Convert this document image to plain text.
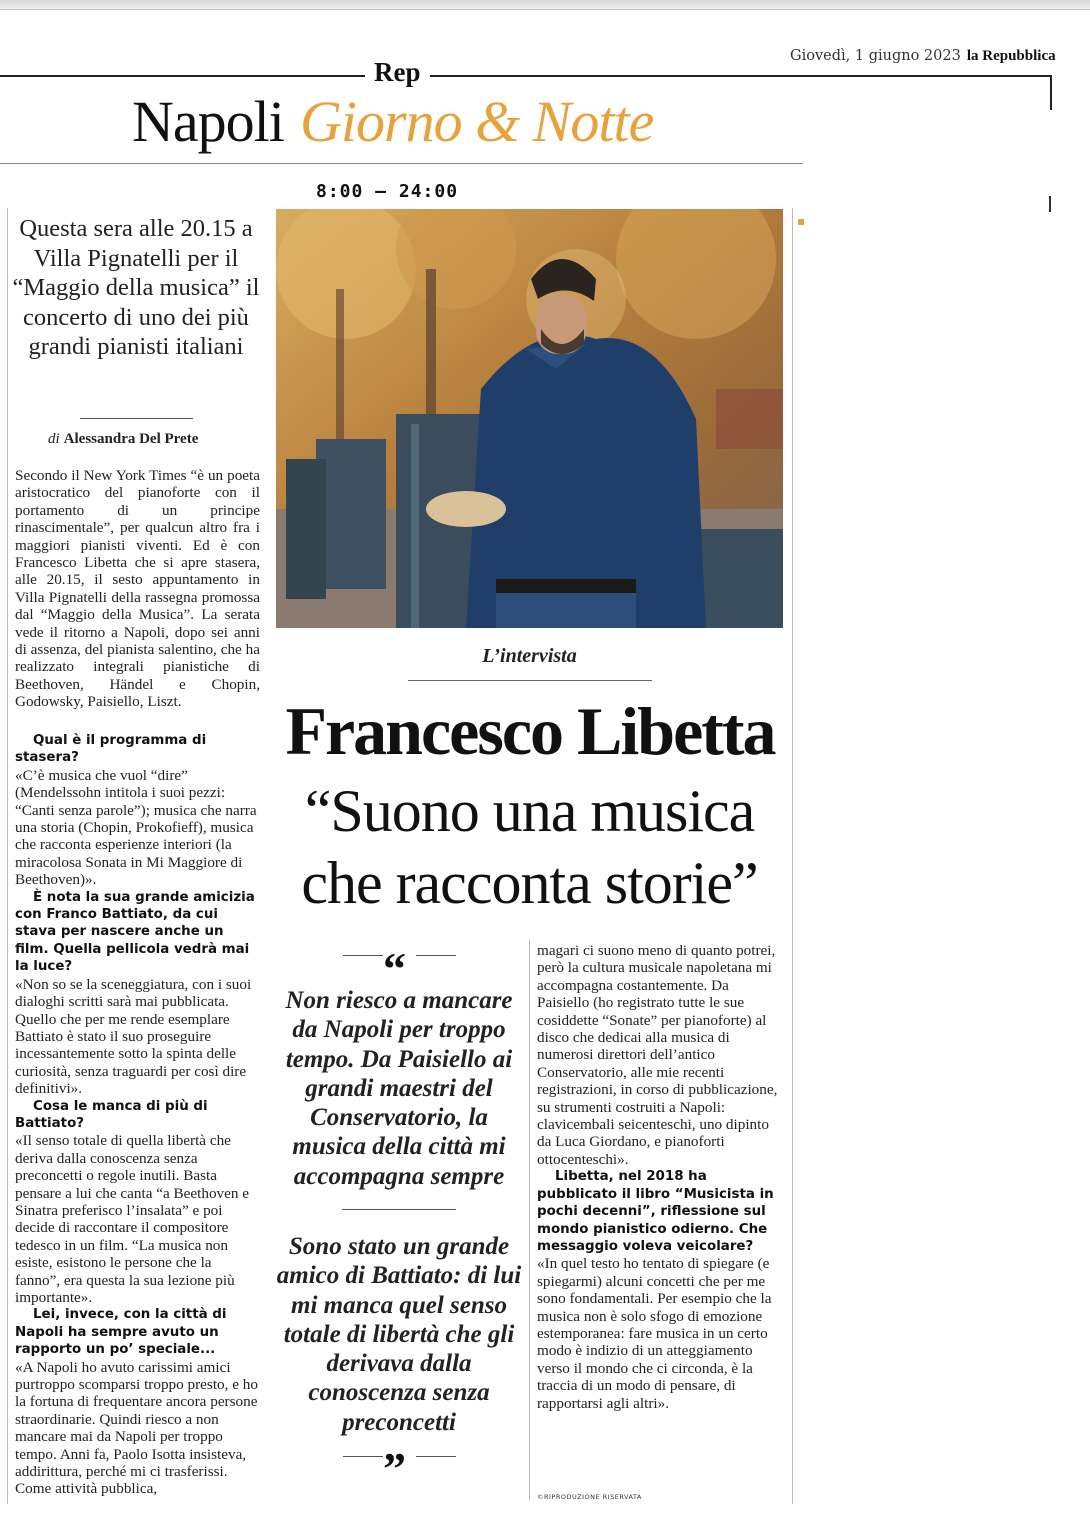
Giovedì, 1 giugno 2023 la Repubblica
Rep
Napoli Giorno & Notte
8:00 – 24:00
Questa sera alle 20.15 a Villa Pignatelli per il “Maggio della musica” il concerto di uno dei più grandi pianisti italiani
di Alessandra Del Prete
Secondo il New York Times “è un poeta aristocratico del pianoforte con il portamento di un principe rinascimentale”, per qualcun altro fra i maggiori pianisti viventi. Ed è con Francesco Libetta che si apre stasera, alle 20.15, il sesto appuntamento in Villa Pignatelli della rassegna promossa dal “Maggio della Musica”. La serata vede il ritorno a Napoli, dopo sei anni di assenza, del pianista salentino, che ha realizzato integrali pianistiche di Beethoven, Händel e Chopin, Godowsky, Paisiello, Liszt.
Qual è il programma di stasera?
«C’è musica che vuol “dire” (Mendelssohn intitola i suoi pezzi: “Canti senza parole”); musica che narra una storia (Chopin, Prokofieff), musica che racconta esperienze interiori (la miracolosa Sonata in Mi Maggiore di Beethoven)».
È nota la sua grande amicizia con Franco Battiato, da cui stava per nascere anche un film. Quella pellicola vedrà mai la luce?
«Non so se la sceneggiatura, con i suoi dialoghi scritti sarà mai pubblicata. Quello che per me rende esemplare Battiato è stato il suo proseguire incessantemente sotto la spinta delle curiosità, senza traguardi per così dire definitivi».
Cosa le manca di più di Battiato?
«Il senso totale di quella libertà che deriva dalla conoscenza senza preconcetti o regole inutili. Basta pensare a lui che canta “a Beethoven e Sinatra preferisco l’insalata” e poi decide di raccontare il compositore tedesco in un film. “La musica non esiste, esistono le persone che la fanno”, era questa la sua lezione più importante».
Lei, invece, con la città di Napoli ha sempre avuto un rapporto un po’ speciale...
«A Napoli ho avuto carissimi amici purtroppo scomparsi troppo presto, e ho la fortuna di frequentare ancora persone straordinarie. Quindi riesco a non mancare mai da Napoli per troppo tempo. Anni fa, Paolo Isotta insisteva, addirittura, perché mi ci trasferissi. Come attività pubblica,
L’intervista
Francesco Libetta
“Suono una musica
che racconta storie”
“
Non riesco a mancare da Napoli per troppo tempo. Da Paisiello ai grandi maestri del Conservatorio, la musica della città mi accompagna sempre
Sono stato un grande amico di Battiato: di lui mi manca quel senso totale di libertà che gli derivava dalla conoscenza senza preconcetti
”
magari ci suono meno di quanto potrei, però la cultura musicale napoletana mi accompagna costantemente. Da Paisiello (ho registrato tutte le sue cosiddette “Sonate” per pianoforte) al disco che dedicai alla musica di numerosi direttori dell’antico Conservatorio, alle mie recenti registrazioni, in corso di pubblicazione, su strumenti costruiti a Napoli: clavicembali seicenteschi, uno dipinto da Luca Giordano, e pianoforti ottocenteschi».
Libetta, nel 2018 ha pubblicato il libro “Musicista in pochi decenni”, riflessione sul mondo pianistico odierno. Che messaggio voleva veicolare?
«In quel testo ho tentato di spiegare (e spiegarmi) alcuni concetti che per me sono fondamentali. Per esempio che la musica non è solo sfogo di emozione estemporanea: fare musica in un certo modo è indizio di un atteggiamento verso il mondo che ci circonda, è la traccia di un modo di pensare, di rapportarsi agli altri».
©RIPRODUZIONE RISERVATA
